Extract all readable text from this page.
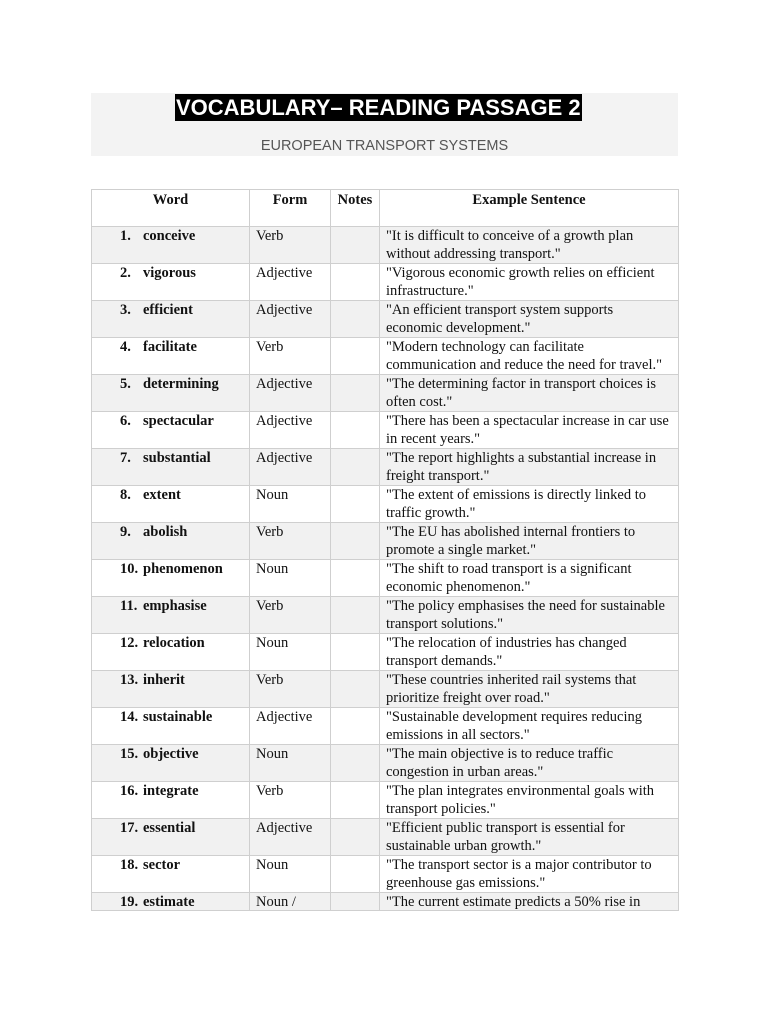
VOCABULARY– READING PASSAGE 2
EUROPEAN TRANSPORT SYSTEMS
Word	Form	Notes	Example Sentence
1. conceive	Verb		"It is difficult to conceive of a growth plan without addressing transport."
2. vigorous	Adjective		"Vigorous economic growth relies on efficient infrastructure."
3. efficient	Adjective		"An efficient transport system supports economic development."
4. facilitate	Verb		"Modern technology can facilitate communication and reduce the need for travel."
5. determining	Adjective		"The determining factor in transport choices is often cost."
6. spectacular	Adjective		"There has been a spectacular increase in car use in recent years."
7. substantial	Adjective		"The report highlights a substantial increase in freight transport."
8. extent	Noun		"The extent of emissions is directly linked to traffic growth."
9. abolish	Verb		"The EU has abolished internal frontiers to promote a single market."
10. phenomenon	Noun		"The shift to road transport is a significant economic phenomenon."
11. emphasise	Verb		"The policy emphasises the need for sustainable transport solutions."
12. relocation	Noun		"The relocation of industries has changed transport demands."
13. inherit	Verb		"These countries inherited rail systems that prioritize freight over road."
14. sustainable	Adjective		"Sustainable development requires reducing emissions in all sectors."
15. objective	Noun		"The main objective is to reduce traffic congestion in urban areas."
16. integrate	Verb		"The plan integrates environmental goals with transport policies."
17. essential	Adjective		"Efficient public transport is essential for sustainable urban growth."
18. sector	Noun		"The transport sector is a major contributor to greenhouse gas emissions."

19. estimate	Noun /		"The current estimate predicts a 50% rise in
